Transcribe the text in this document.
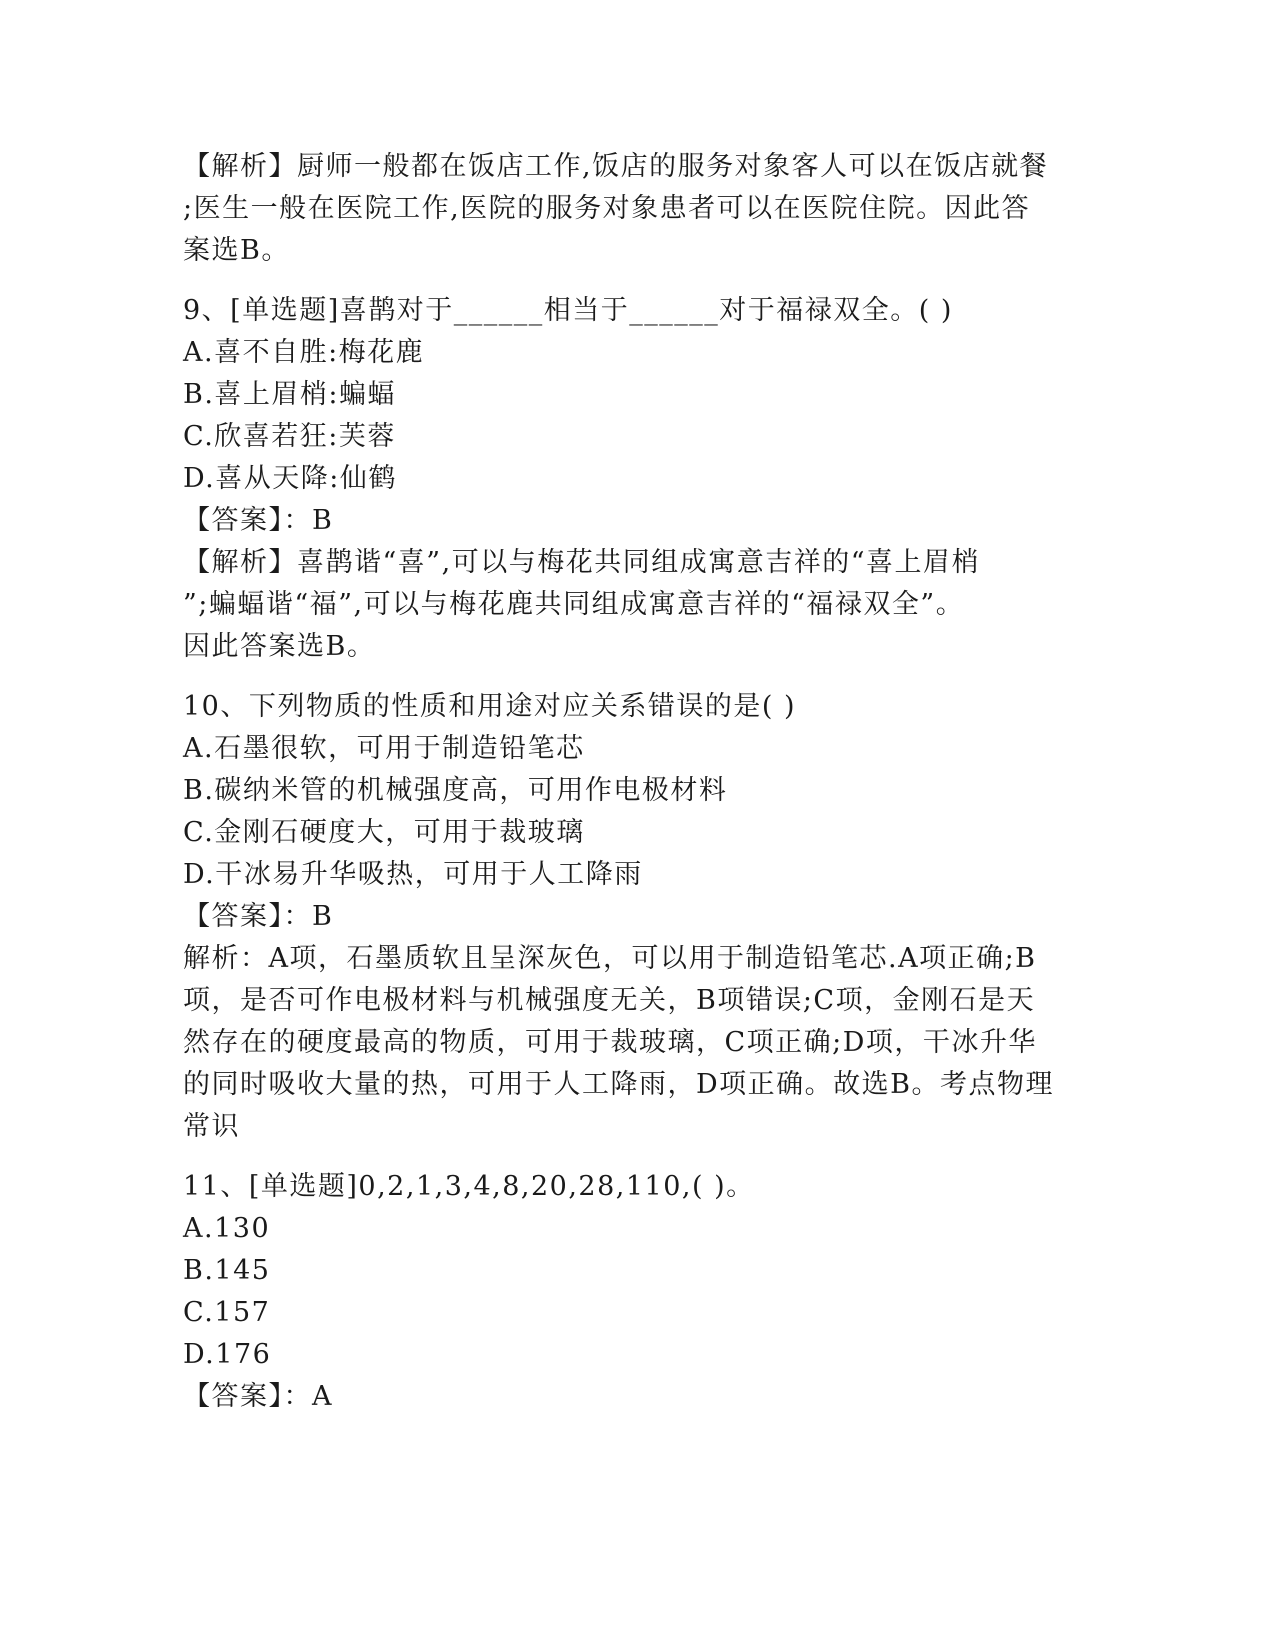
【解析】厨师一般都在饭店工作,饭店的服务对象客人可以在饭店就餐
;医生一般在医院工作,医院的服务对象患者可以在医院住院。因此答
案选B。
9、[单选题]喜鹊对于______相当于______对于福禄双全。( )
A.喜不自胜:梅花鹿
B.喜上眉梢:蝙蝠
C.欣喜若狂:芙蓉
D.喜从天降:仙鹤
【答案】：B
【解析】喜鹊谐“喜”,可以与梅花共同组成寓意吉祥的“喜上眉梢
”;蝙蝠谐“福”,可以与梅花鹿共同组成寓意吉祥的“福禄双全”。
因此答案选B。
10、下列物质的性质和用途对应关系错误的是( )
A.石墨很软，可用于制造铅笔芯
B.碳纳米管的机械强度高，可用作电极材料
C.金刚石硬度大，可用于裁玻璃
D.干冰易升华吸热，可用于人工降雨
【答案】：B
解析：A项，石墨质软且呈深灰色，可以用于制造铅笔芯.A项正确;B
项，是否可作电极材料与机械强度无关，B项错误;C项，金刚石是天
然存在的硬度最高的物质，可用于裁玻璃，C项正确;D项，干冰升华
的同时吸收大量的热，可用于人工降雨，D项正确。故选B。考点物理
常识
11、[单选题]0,2,1,3,4,8,20,28,110,( )。
A.130
B.145
C.157
D.176
【答案】：A
